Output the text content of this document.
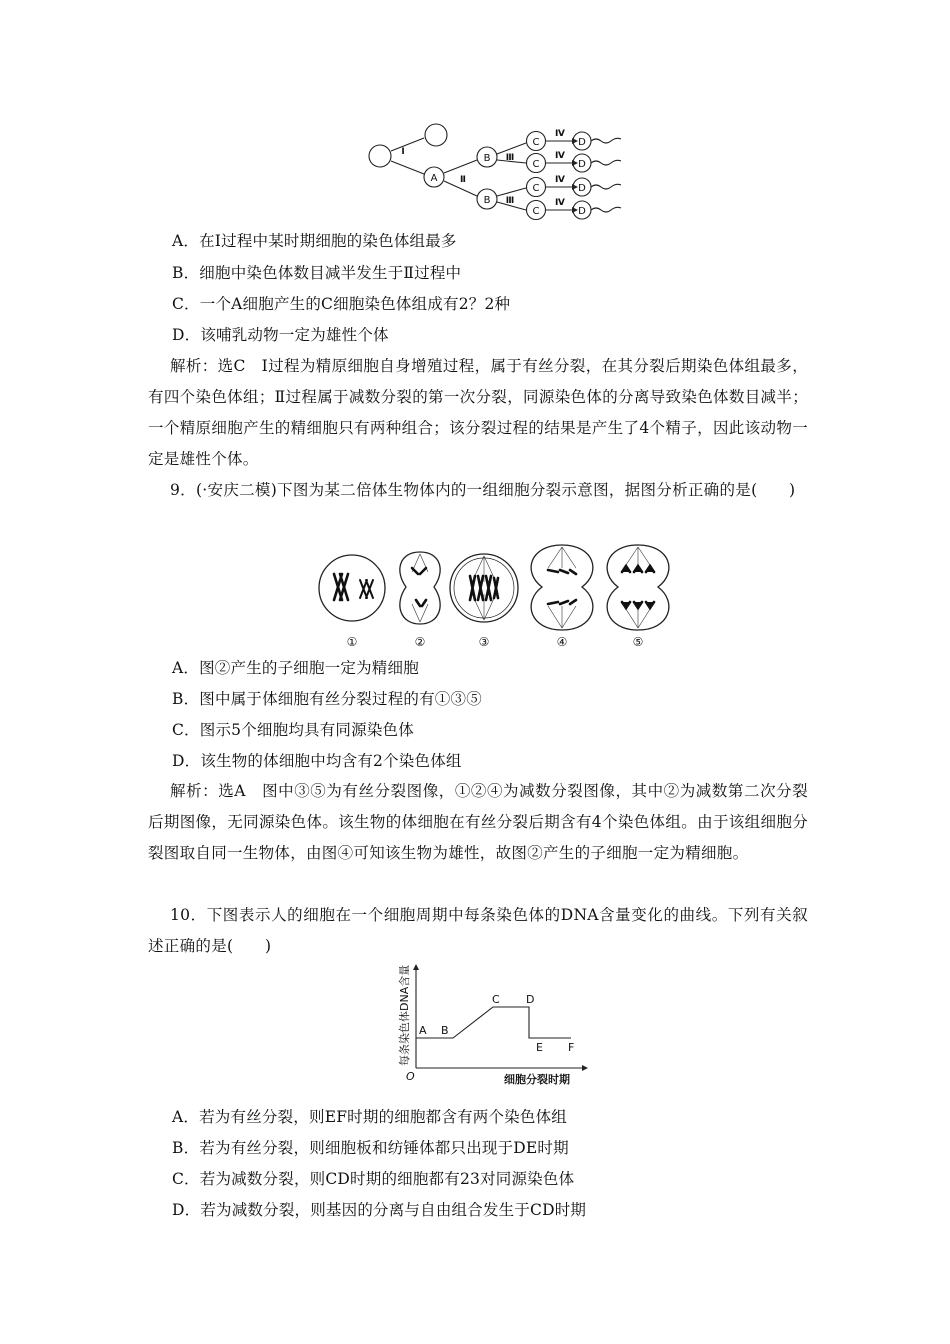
A
B
B
C
C
C
C
D
D
D
D
Ⅰ
Ⅱ
Ⅲ
Ⅲ
Ⅳ
Ⅳ
Ⅳ
Ⅳ
A．在Ⅰ过程中某时期细胞的染色体组最多
B．细胞中染色体数目减半发生于Ⅱ过程中
C．一个A细胞产生的C细胞染色体组成有2？2种
D．该哺乳动物一定为雄性个体
解析：选C　Ⅰ过程为精原细胞自身增殖过程，属于有丝分裂，在其分裂后期染色体组最多，有四个染色体组；Ⅱ过程属于减数分裂的第一次分裂，同源染色体的分离导致染色体数目减半；一个精原细胞产生的精细胞只有两种组合；该分裂过程的结果是产生了4个精子，因此该动物一定是雄性个体。
9．(·安庆二模)下图为某二倍体生物体内的一组细胞分裂示意图，据图分析正确的是(　　)
①	②	③	④	⑤
A．图②产生的子细胞一定为精细胞
B．图中属于体细胞有丝分裂过程的有①③⑤
C．图示5个细胞均具有同源染色体
D．该生物的体细胞中均含有2个染色体组
解析：选A　图中③⑤为有丝分裂图像，①②④为减数分裂图像，其中②为减数第二次分裂后期图像，无同源染色体。该生物的体细胞在有丝分裂后期含有4个染色体组。由于该组细胞分裂图取自同一生物体，由图④可知该生物为雄性，故图②产生的子细胞一定为精细胞。
10．下图表示人的细胞在一个细胞周期中每条染色体的DNA含量变化的曲线。下列有关叙述正确的是(　　)
A B
C D
E F
O	细胞分裂时期
每条染色体DNA含量
A．若为有丝分裂，则EF时期的细胞都含有两个染色体组
B．若为有丝分裂，则细胞板和纺锤体都只出现于DE时期
C．若为减数分裂，则CD时期的细胞都有23对同源染色体
D．若为减数分裂，则基因的分离与自由组合发生于CD时期
